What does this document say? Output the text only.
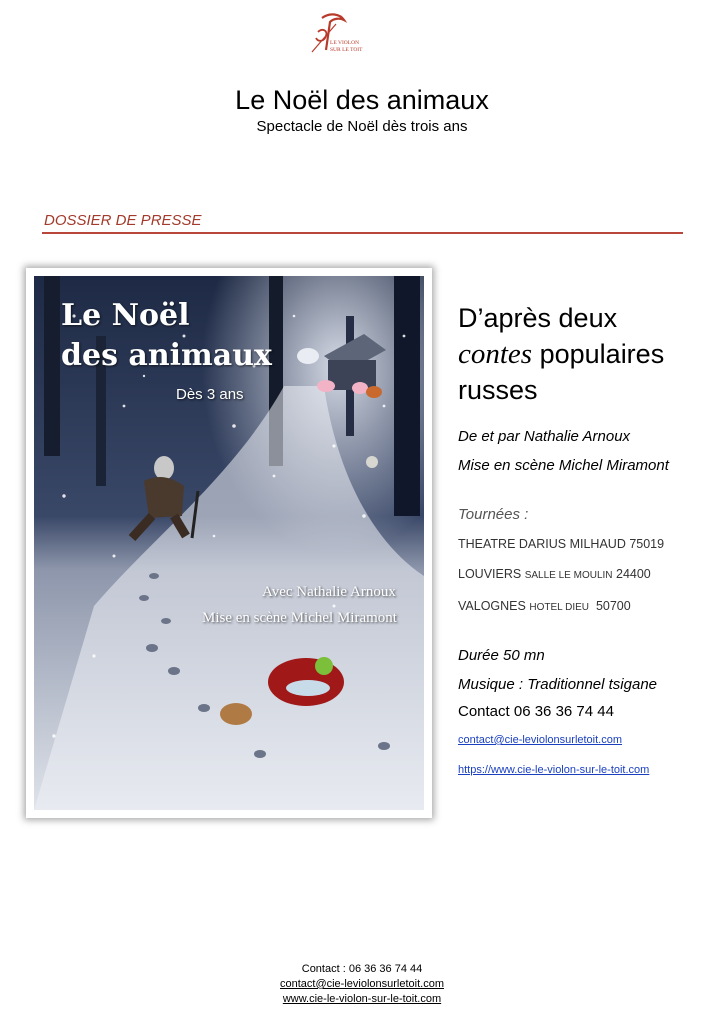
LE VIOLON
SUR LE TOIT
Le Noël des animaux
Spectacle de Noël dès trois ans
DOSSIER DE PRESSE
Le Noël
des animaux
Dès 3 ans
Avec Nathalie Arnoux
Mise en scène Michel Miramont
D’après deux
contes populaires russes
De et par Nathalie Arnoux
Mise en scène Michel Miramont
Tournées :
THEATRE DARIUS MILHAUD 75019
LOUVIERS SALLE LE MOULIN 24400
VALOGNES HOTEL DIEU 50700
Durée 50 mn
Musique : Traditionnel tsigane
Contact 06 36 36 74 44
contact@cie-leviolonsurletoit.com
https://www.cie-le-violon-sur-le-toit.com
Contact : 06 36 36 74 44
contact@cie-leviolonsurletoit.com
www.cie-le-violon-sur-le-toit.com
